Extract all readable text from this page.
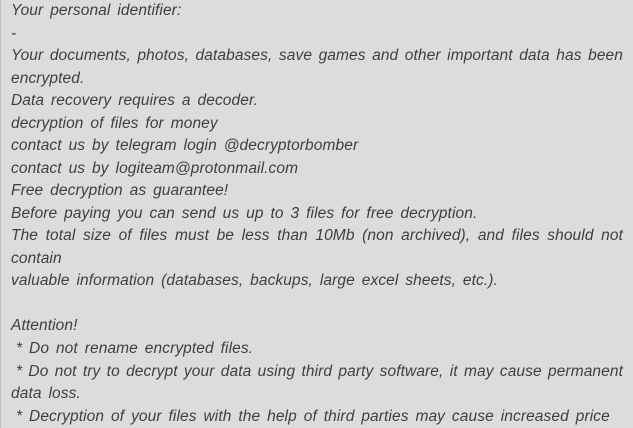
Your personal identifier:
-
Your documents, photos, databases, save games and other important data has been
encrypted.
Data recovery requires a decoder.
decryption of files for money
contact us by telegram login @decryptorbomber
contact us by logiteam@protonmail.com
Free decryption as guarantee!
Before paying you can send us up to 3 files for free decryption.
The total size of files must be less than 10Mb (non archived), and files should not
contain
valuable information (databases, backups, large excel sheets, etc.).

Attention!
* Do not rename encrypted files.
* Do not try to decrypt your data using third party software, it may cause permanent
data loss.
* Decryption of your files with the help of third parties may cause increased price
